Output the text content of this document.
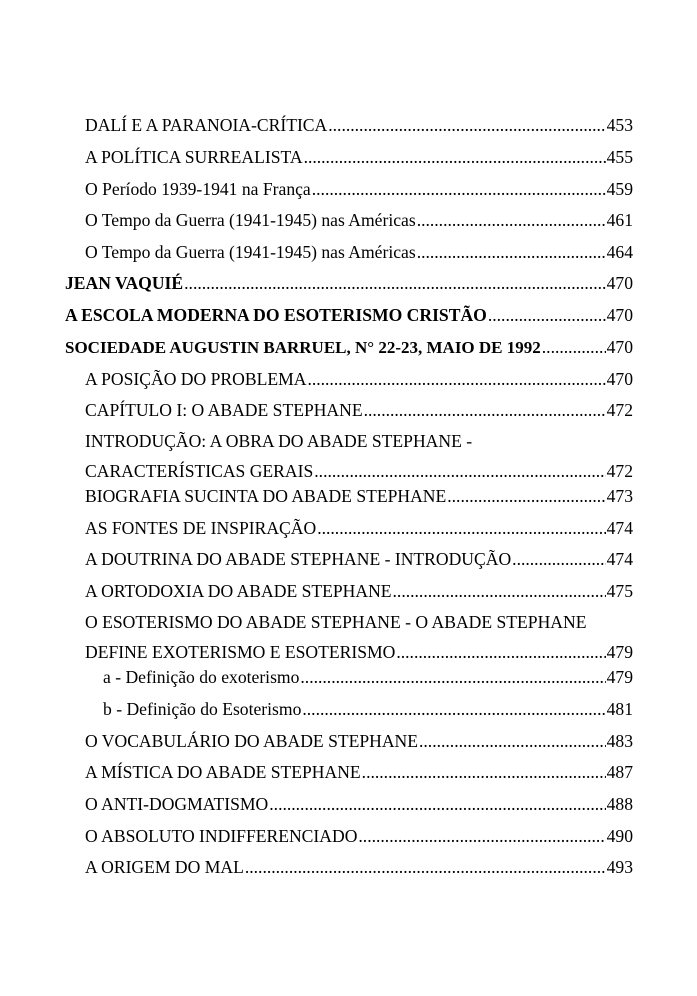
DALÍ E A PARANOIA-CRÍTICA .....	453
A POLÍTICA SURREALISTA .....	455
O Período 1939-1941 na França .....	459
O Tempo da Guerra (1941-1945) nas Américas .....	461
O Tempo da Guerra (1941-1945) nas Américas .....	464
JEAN VAQUIÉ .....	470
A ESCOLA MODERNA DO ESOTERISMO CRISTÃO .....	470
SOCIEDADE AUGUSTIN BARRUEL, N° 22-23, MAIO DE 1992 .....	470
A POSIÇÃO DO PROBLEMA .....	470
CAPÍTULO I: O ABADE STEPHANE .....	472
INTRODUÇÃO: A OBRA DO ABADE STEPHANE -
CARACTERÍSTICAS GERAIS .....	472
BIOGRAFIA SUCINTA DO ABADE STEPHANE .....	473
AS FONTES DE INSPIRAÇÃO .....	474
A DOUTRINA DO ABADE STEPHANE - INTRODUÇÃO .....	474
A ORTODOXIA DO ABADE STEPHANE .....	475
O ESOTERISMO DO ABADE STEPHANE - O ABADE STEPHANE
DEFINE EXOTERISMO E ESOTERISMO .....	479
a - Definição do exoterismo .....	479
b - Definição do Esoterismo .....	481
O VOCABULÁRIO DO ABADE STEPHANE .....	483
A MÍSTICA DO ABADE STEPHANE .....	487
O ANTI-DOGMATISMO .....	488
O ABSOLUTO INDIFFERENCIADO .....	490
A ORIGEM DO MAL .....	493
